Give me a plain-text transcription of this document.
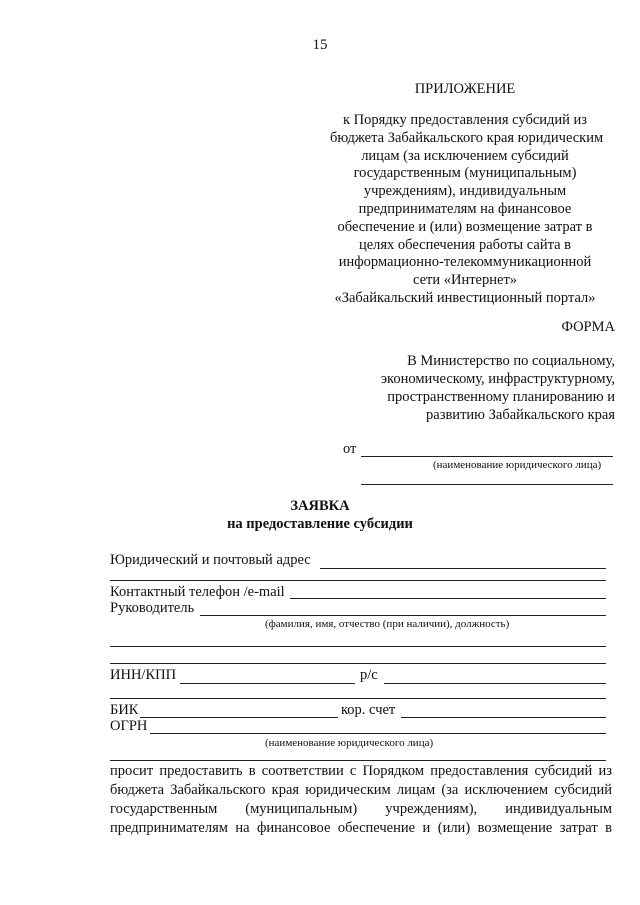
15
ПРИЛОЖЕНИЕ
к Порядку предоставления субсидий из
бюджета Забайкальского края юридическим
лицам (за исключением субсидий
государственным (муниципальным)
учреждениям), индивидуальным
предпринимателям на финансовое
обеспечение и (или) возмещение затрат в
целях обеспечения работы сайта в
информационно-телекоммуникационной
сети «Интернет»
«Забайкальский инвестиционный портал»
ФОРМА
В Министерство по социальному,
экономическому, инфраструктурному,
пространственному планированию и
развитию Забайкальского края
от
(наименование юридического лица)
ЗАЯВКА
на предоставление субсидии
Юридический и почтовый адрес
Контактный телефон /e-mail
Руководитель
(фамилия, имя, отчество (при наличии), должность)
ИНН/КПП	р/с
БИК	кор. счет
ОГРН
(наименование юридического лица)
просит предоставить в соответствии с Порядком предоставления субсидий из
бюджета Забайкальского края юридическим лицам (за исключением субсидий
государственным (муниципальным) учреждениям), индивидуальным
предпринимателям на финансовое обеспечение и (или) возмещение затрат в
